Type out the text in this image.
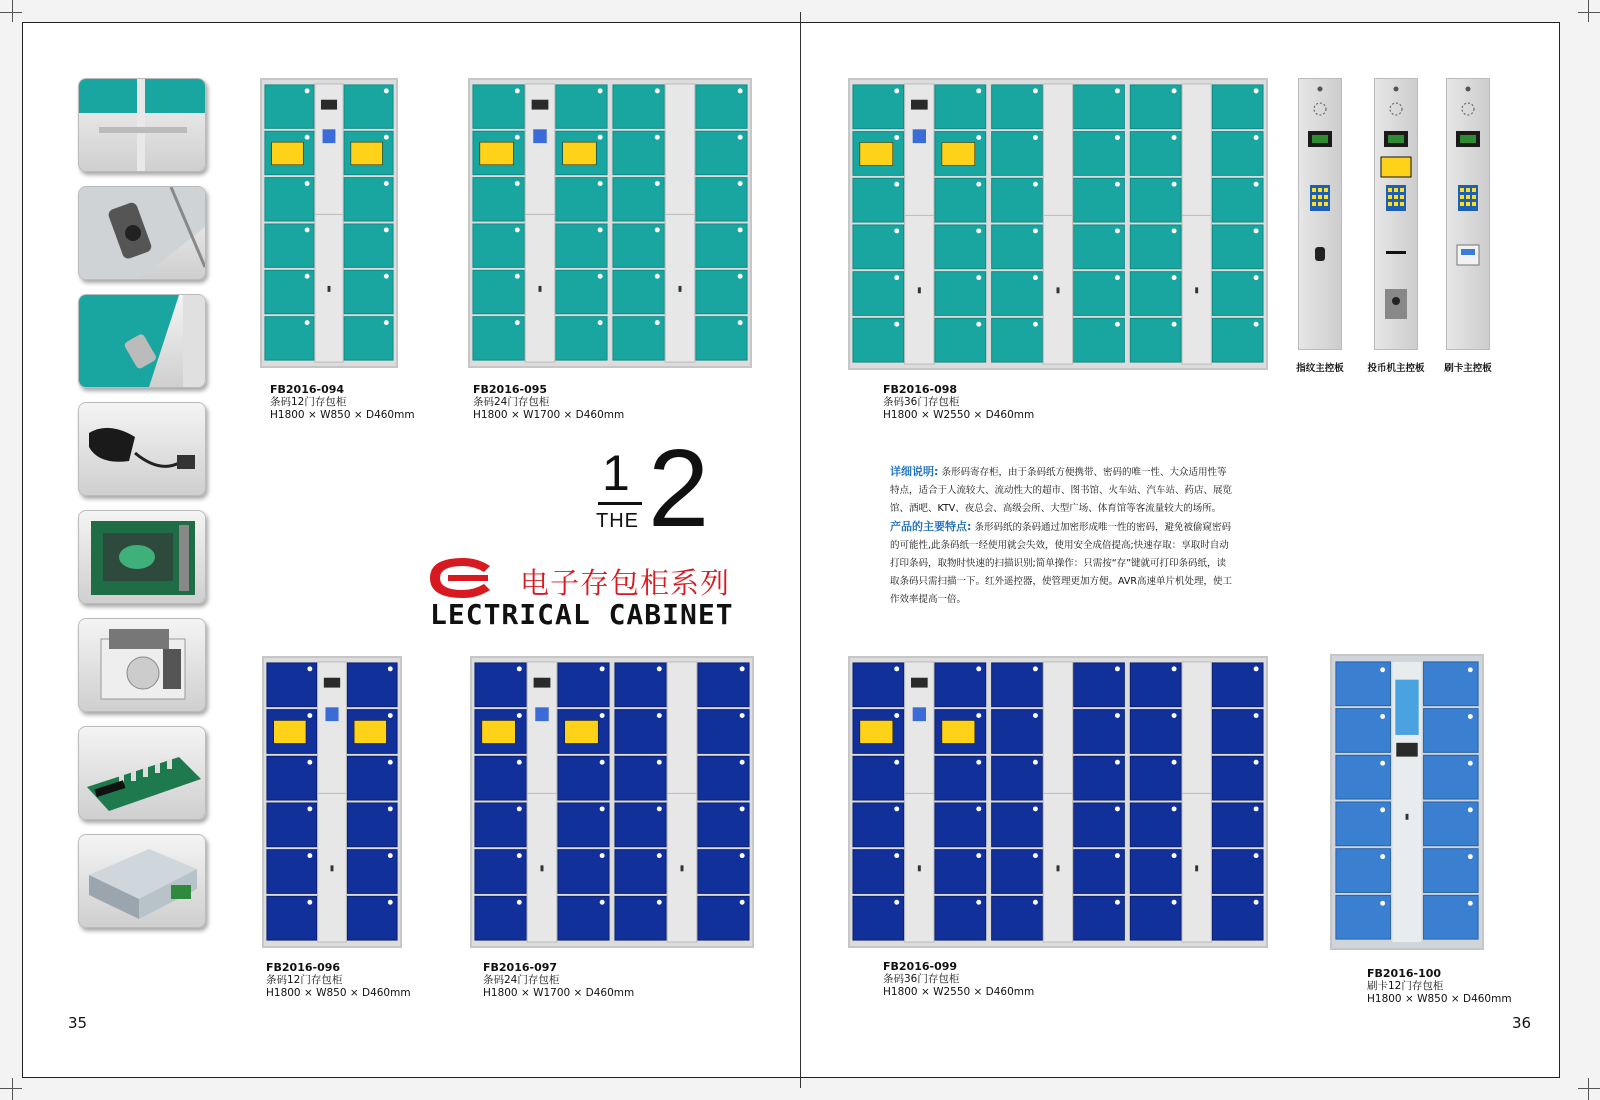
指纹主控板	投币机主控板	刷卡主控板
FB2016-094
条码12门存包柜
H1800 × W850 × D460mm
FB2016-095
条码24门存包柜
H1800 × W1700 × D460mm
FB2016-096
条码12门存包柜
H1800 × W850 × D460mm
FB2016-097
条码24门存包柜
H1800 × W1700 × D460mm
FB2016-098
条码36门存包柜
H1800 × W2550 × D460mm
FB2016-099
条码36门存包柜
H1800 × W2550 × D460mm
FB2016-100
刷卡12门存包柜
H1800 × W850 × D460mm
1
THE 2
电子存包柜系列
LECTRICAL CABINET
详细说明: 条形码寄存柜，由于条码纸方便携带、密码的唯一性、大众适用性等特点，适合于人流较大、流动性大的超市、图书馆、火车站、汽车站、药店、展览馆、酒吧、KTV、夜总会、高级会所、大型广场、体育馆等客流量较大的场所。
产品的主要特点: 条形码纸的条码通过加密形成唯一性的密码，避免被偷窥密码的可能性,此条码纸一经使用就会失效，使用安全成倍提高;快速存取：享取时自动打印条码，取物时快速的扫描识别;简单操作：只需按“存”键就可打印条码纸，读取条码只需扫描一下。红外遥控器，使管理更加方便。AVR高速单片机处理，使工作效率提高一倍。
35	36
